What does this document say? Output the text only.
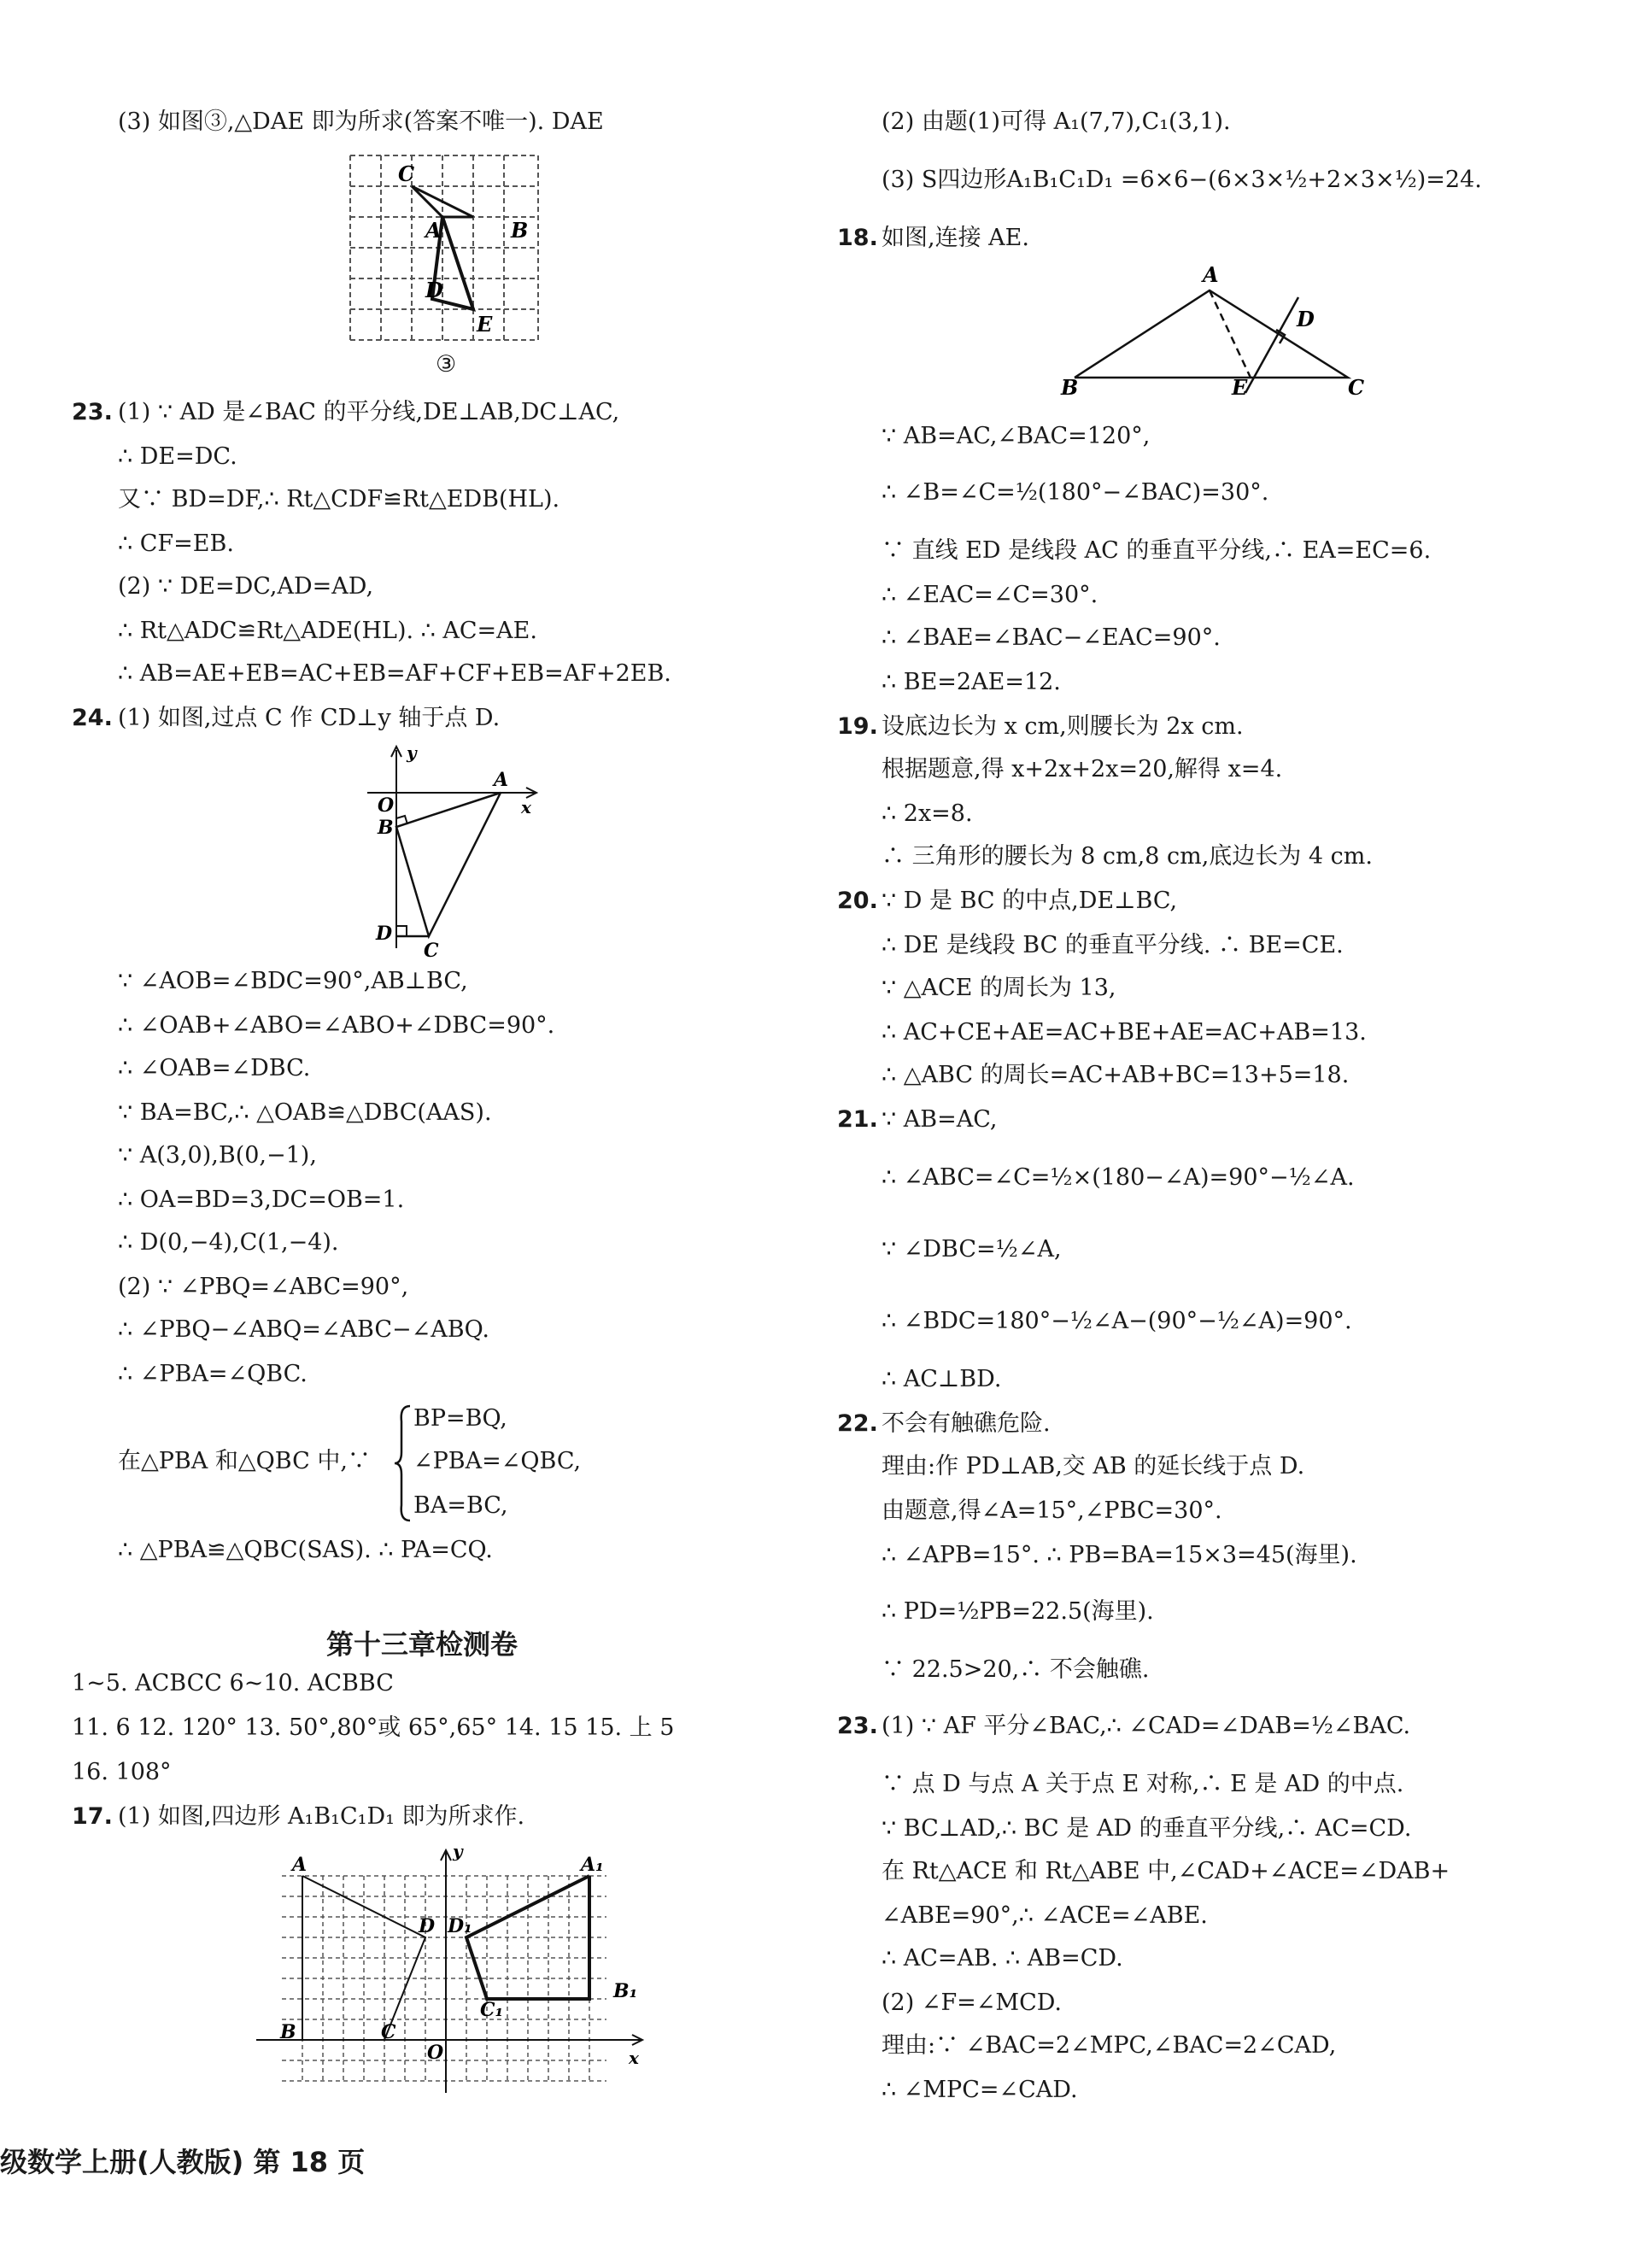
(3) 如图③,△DAE 即为所求(答案不唯一). DAE
C
A	B
D
E
③
23. (1) ∵ AD 是∠BAC 的平分线,DE⊥AB,DC⊥AC,
∴ DE=DC.
又∵ BD=DF,∴ Rt△CDF≌Rt△EDB(HL).
∴ CF=EB.
(2) ∵ DE=DC,AD=AD,
∴ Rt△ADC≌Rt△ADE(HL). ∴ AC=AE.
∴ AB=AE+EB=AC+EB=AF+CF+EB=AF+2EB.
24. (1) 如图,过点 C 作 CD⊥y 轴于点 D.
y
x
O
A
B
D
C
∵ ∠AOB=∠BDC=90°,AB⊥BC,
∴ ∠OAB+∠ABO=∠ABO+∠DBC=90°.
∴ ∠OAB=∠DBC.
∵ BA=BC,∴ △OAB≌△DBC(AAS).
∵ A(3,0),B(0,−1),
∴ OA=BD=3,DC=OB=1.
∴ D(0,−4),C(1,−4).
(2) ∵ ∠PBQ=∠ABC=90°,
∴ ∠PBQ−∠ABQ=∠ABC−∠ABQ.
∴ ∠PBA=∠QBC.
在△PBA 和△QBC 中,∵
BP=BQ,
∠PBA=∠QBC,
BA=BC,
∴ △PBA≌△QBC(SAS). ∴ PA=CQ.
第十三章检测卷
1~5. ACBCC 6~10. ACBBC
11. 6 12. 120° 13. 50°,80°或 65°,65° 14. 15 15. 上 5
16. 108°
17. (1) 如图,四边形 A₁B₁C₁D₁ 即为所求作.
A	A₁
D D₁
B	C
C₁
B₁
O	x
y
(2) 由题(1)可得 A₁(7,7),C₁(3,1).
(3) S四边形A₁B₁C₁D₁ =6×6−(6×3×½+2×3×½)=24.
18. 如图,连接 AE.
A
B	E	C
D
∵ AB=AC,∠BAC=120°,
∴ ∠B=∠C=½(180°−∠BAC)=30°.
∵ 直线 ED 是线段 AC 的垂直平分线,∴ EA=EC=6.
∴ ∠EAC=∠C=30°.
∴ ∠BAE=∠BAC−∠EAC=90°.
∴ BE=2AE=12.
19. 设底边长为 x cm,则腰长为 2x cm.
根据题意,得 x+2x+2x=20,解得 x=4.
∴ 2x=8.
∴ 三角形的腰长为 8 cm,8 cm,底边长为 4 cm.
20. ∵ D 是 BC 的中点,DE⊥BC,
∴ DE 是线段 BC 的垂直平分线. ∴ BE=CE.
∵ △ACE 的周长为 13,
∴ AC+CE+AE=AC+BE+AE=AC+AB=13.
∴ △ABC 的周长=AC+AB+BC=13+5=18.
21. ∵ AB=AC,
∴ ∠ABC=∠C=½×(180−∠A)=90°−½∠A.
∵ ∠DBC=½∠A,
∴ ∠BDC=180°−½∠A−(90°−½∠A)=90°.
∴ AC⊥BD.
22. 不会有触礁危险.
理由:作 PD⊥AB,交 AB 的延长线于点 D.
由题意,得∠A=15°,∠PBC=30°.
∴ ∠APB=15°. ∴ PB=BA=15×3=45(海里).
∴ PD=½PB=22.5(海里).
∵ 22.5>20,∴ 不会触礁.
23. (1) ∵ AF 平分∠BAC,∴ ∠CAD=∠DAB=½∠BAC.
∵ 点 D 与点 A 关于点 E 对称,∴ E 是 AD 的中点.
∵ BC⊥AD,∴ BC 是 AD 的垂直平分线,∴ AC=CD.
在 Rt△ACE 和 Rt△ABE 中,∠CAD+∠ACE=∠DAB+
∠ABE=90°,∴ ∠ACE=∠ABE.
∴ AC=AB. ∴ AB=CD.
(2) ∠F=∠MCD.
理由:∵ ∠BAC=2∠MPC,∠BAC=2∠CAD,
∴ ∠MPC=∠CAD.
级数学上册(人教版) 第 18 页
